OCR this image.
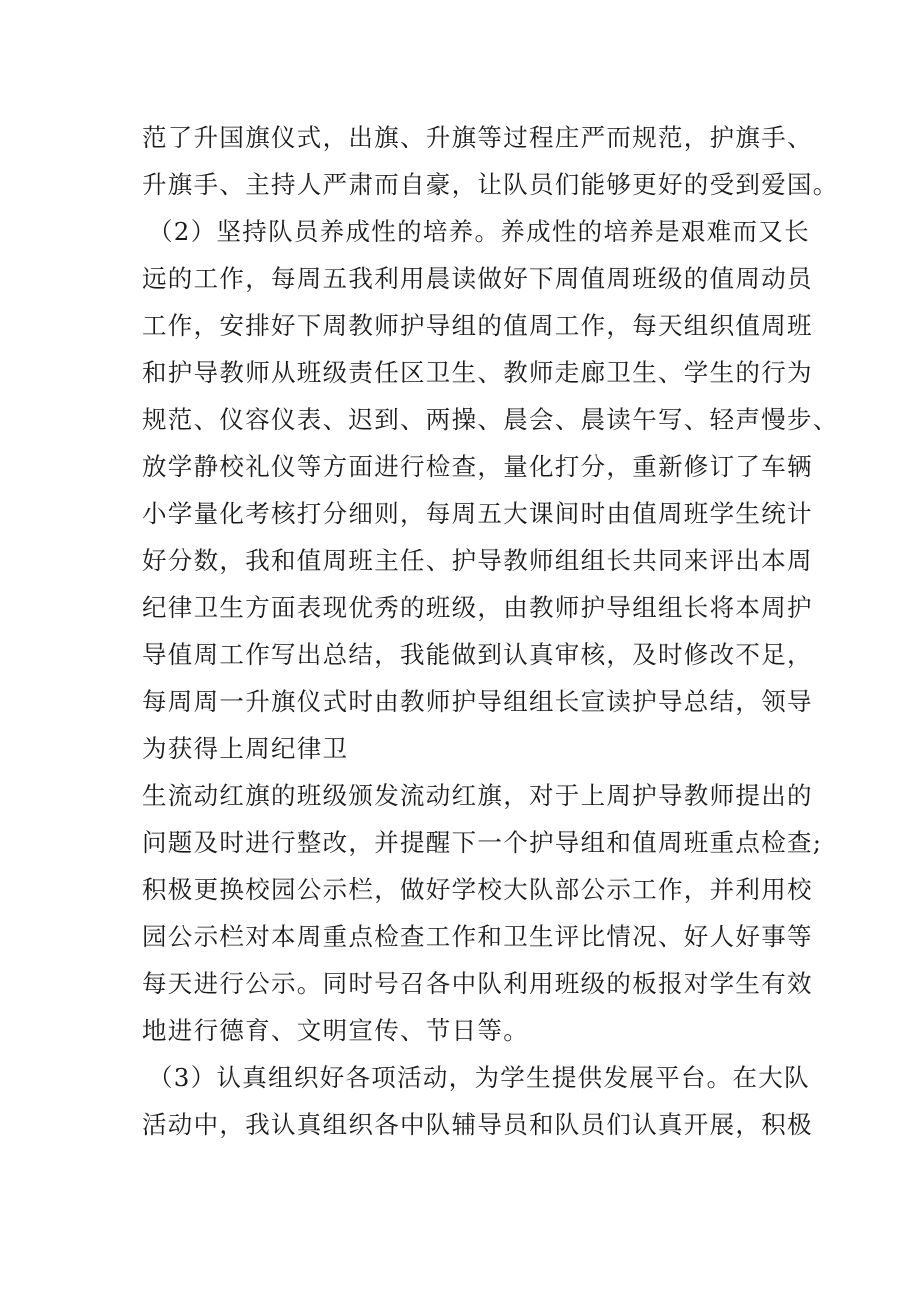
范了升国旗仪式，出旗、升旗等过程庄严而规范，护旗手、
升旗手、主持人严肃而自豪，让队员们能够更好的受到爱国。
（2）坚持队员养成性的培养。养成性的培养是艰难而又长
远的工作，每周五我利用晨读做好下周值周班级的值周动员
工作，安排好下周教师护导组的值周工作，每天组织值周班
和护导教师从班级责任区卫生、教师走廊卫生、学生的行为
规范、仪容仪表、迟到、两操、晨会、晨读午写、轻声慢步、
放学静校礼仪等方面进行检查，量化打分，重新修订了车辆
小学量化考核打分细则，每周五大课间时由值周班学生统计
好分数，我和值周班主任、护导教师组组长共同来评出本周
纪律卫生方面表现优秀的班级，由教师护导组组长将本周护
导值周工作写出总结，我能做到认真审核，及时修改不足，
每周周一升旗仪式时由教师护导组组长宣读护导总结，领导
为获得上周纪律卫
生流动红旗的班级颁发流动红旗，对于上周护导教师提出的
问题及时进行整改，并提醒下一个护导组和值周班重点检查;
积极更换校园公示栏，做好学校大队部公示工作，并利用校
园公示栏对本周重点检查工作和卫生评比情况、好人好事等
每天进行公示。同时号召各中队利用班级的板报对学生有效
地进行德育、文明宣传、节日等。
（3）认真组织好各项活动，为学生提供发展平台。在大队
活动中，我认真组织各中队辅导员和队员们认真开展，积极
